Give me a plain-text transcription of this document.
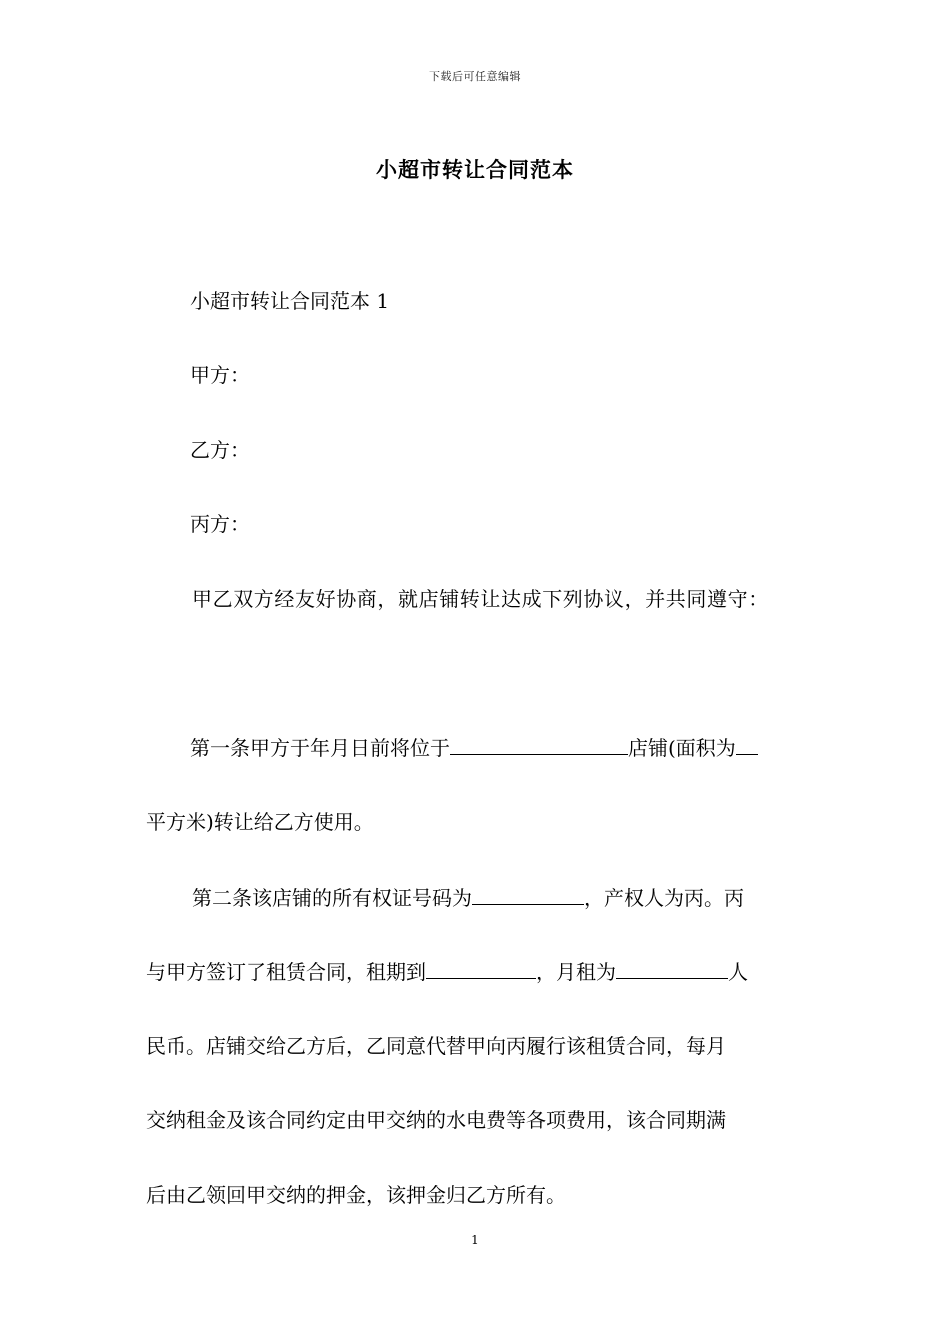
下载后可任意编辑
小超市转让合同范本
小超市转让合同范本 1
甲方：
乙方：
丙方：
甲乙双方经友好协商，就店铺转让达成下列协议，并共同遵守：
第一条甲方于年月日前将位于	店铺(面积为
平方米)转让给乙方使用。
第二条该店铺的所有权证号码为	，产权人为丙。丙
与甲方签订了租赁合同，租期到	，月租为	人
民币。店铺交给乙方后，乙同意代替甲向丙履行该租赁合同，每月
交纳租金及该合同约定由甲交纳的水电费等各项费用，该合同期满
后由乙领回甲交纳的押金，该押金归乙方所有。
1
